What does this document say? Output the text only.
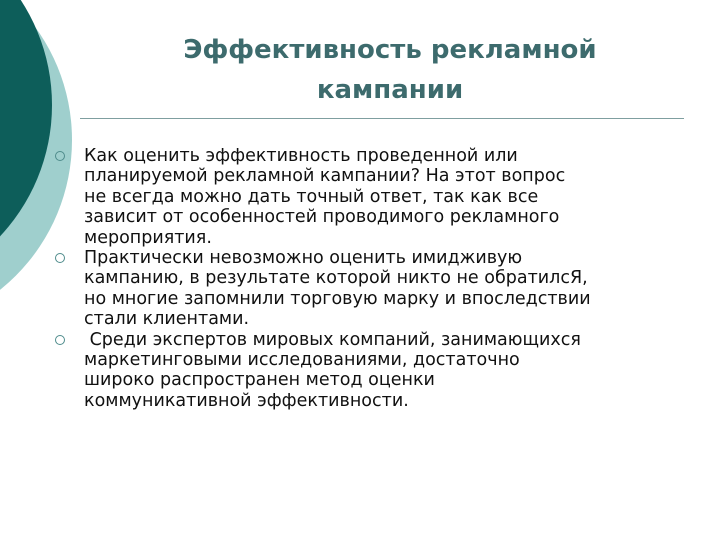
Эффективность рекламной
кампании
Как оценить эффективность проведенной или
планируемой рекламной кампании? На этот вопрос
не всегда можно дать точный ответ, так как все
зависит от особенностей проводимого рекламного
мероприятия.
Практически невозможно оценить имидживую
кампанию, в результате которой никто не обратилсЯ,
но многие запомнили торговую марку и впоследствии
стали клиентами.
Среди экспертов мировых компаний, занимающихся
маркетинговыми исследованиями, достаточно
широко распространен метод оценки
коммуникативной эффективности.
